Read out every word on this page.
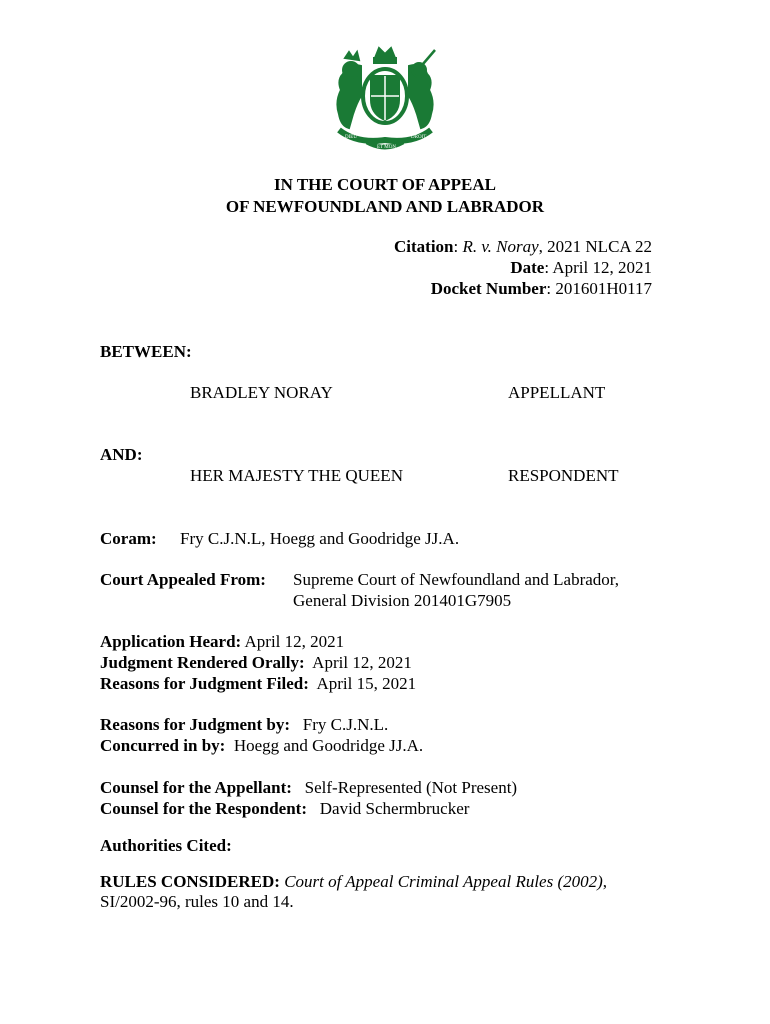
DIEU	DROIT
ET MON
IN THE COURT OF APPEAL
OF NEWFOUNDLAND AND LABRADOR
Citation: R. v. Noray, 2021 NLCA 22
Date: April 12, 2021
Docket Number: 201601H0117
BETWEEN:
BRADLEY NORAY	APPELLANT
AND:
HER MAJESTY THE QUEEN	RESPONDENT
Coram: Fry C.J.N.L, Hoegg and Goodridge JJ.A.
Court Appealed From: Supreme Court of Newfoundland and Labrador,
General Division 201401G7905
Application Heard: April 12, 2021
Judgment Rendered Orally:  April 12, 2021
Reasons for Judgment Filed:  April 15, 2021
Reasons for Judgment by:   Fry C.J.N.L.
Concurred in by:  Hoegg and Goodridge JJ.A.
Counsel for the Appellant:   Self-Represented (Not Present)
Counsel for the Respondent:   David Schermbrucker
Authorities Cited:
RULES CONSIDERED: Court of Appeal Criminal Appeal Rules (2002),
SI/2002-96, rules 10 and 14.
